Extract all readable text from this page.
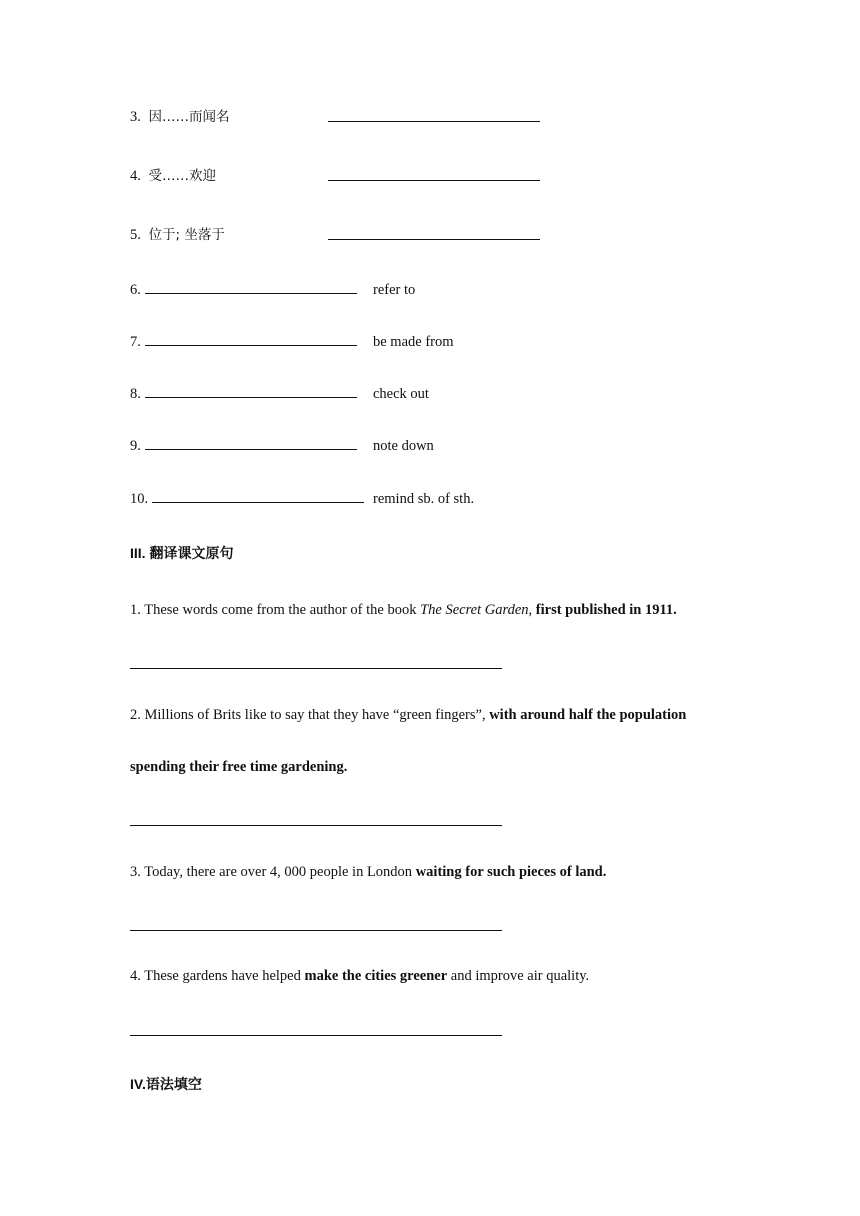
3. 因……而闻名
4. 受……欢迎
5. 位于; 坐落于
6.	refer to
7.	be made from
8.	check out
9.	note down
10.	remind sb. of sth.
III. 翻译课文原句
1. These words come from the author of the book The Secret Garden, first published in 1911.
2. Millions of Brits like to say that they have “green fingers”, with around half the population
spending their free time gardening.
3. Today, there are over 4, 000 people in London waiting for such pieces of land.
4. These gardens have helped make the cities greener and improve air quality.
IV.语法填空
